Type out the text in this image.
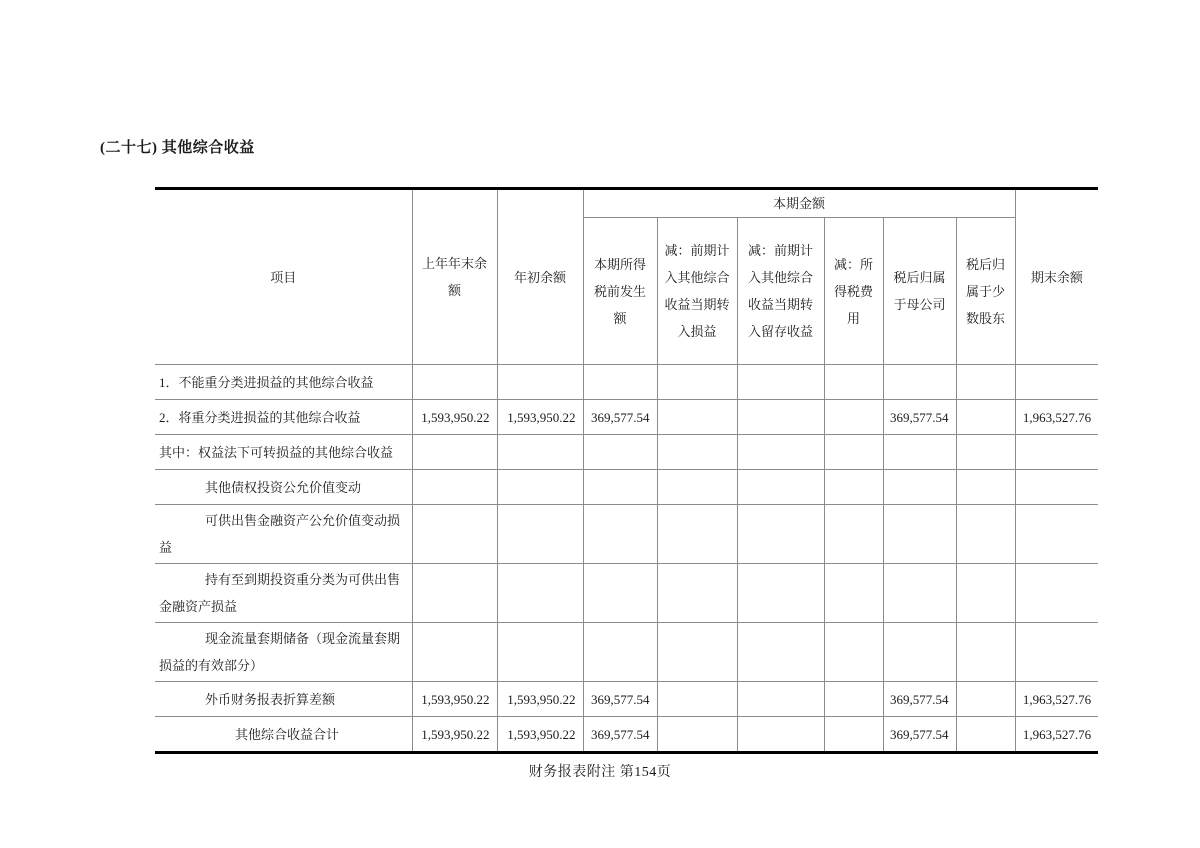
(二十七) 其他综合收益
项目	上年年末余额	年初余额	本期金额						期末余额
			本期所得税前发生额	减：前期计入其他综合收益当期转入损益	减：前期计入其他综合收益当期转入留存收益	减：所得税费用	税后归属于母公司	税后归属于少数股东	
1．不能重分类进损益的其他综合收益									
2．将重分类进损益的其他综合收益	1,593,950.22	1,593,950.22	369,577.54				369,577.54		1,963,527.76
其中：权益法下可转损益的其他综合收益									
其他债权投资公允价值变动									
可供出售金融资产公允价值变动损益									
持有至到期投资重分类为可供出售金融资产损益									
现金流量套期储备（现金流量套期损益的有效部分）									
外币财务报表折算差额	1,593,950.22	1,593,950.22	369,577.54				369,577.54		1,963,527.76
其他综合收益合计	1,593,950.22	1,593,950.22	369,577.54				369,577.54		1,963,527.76
财务报表附注 第154页
